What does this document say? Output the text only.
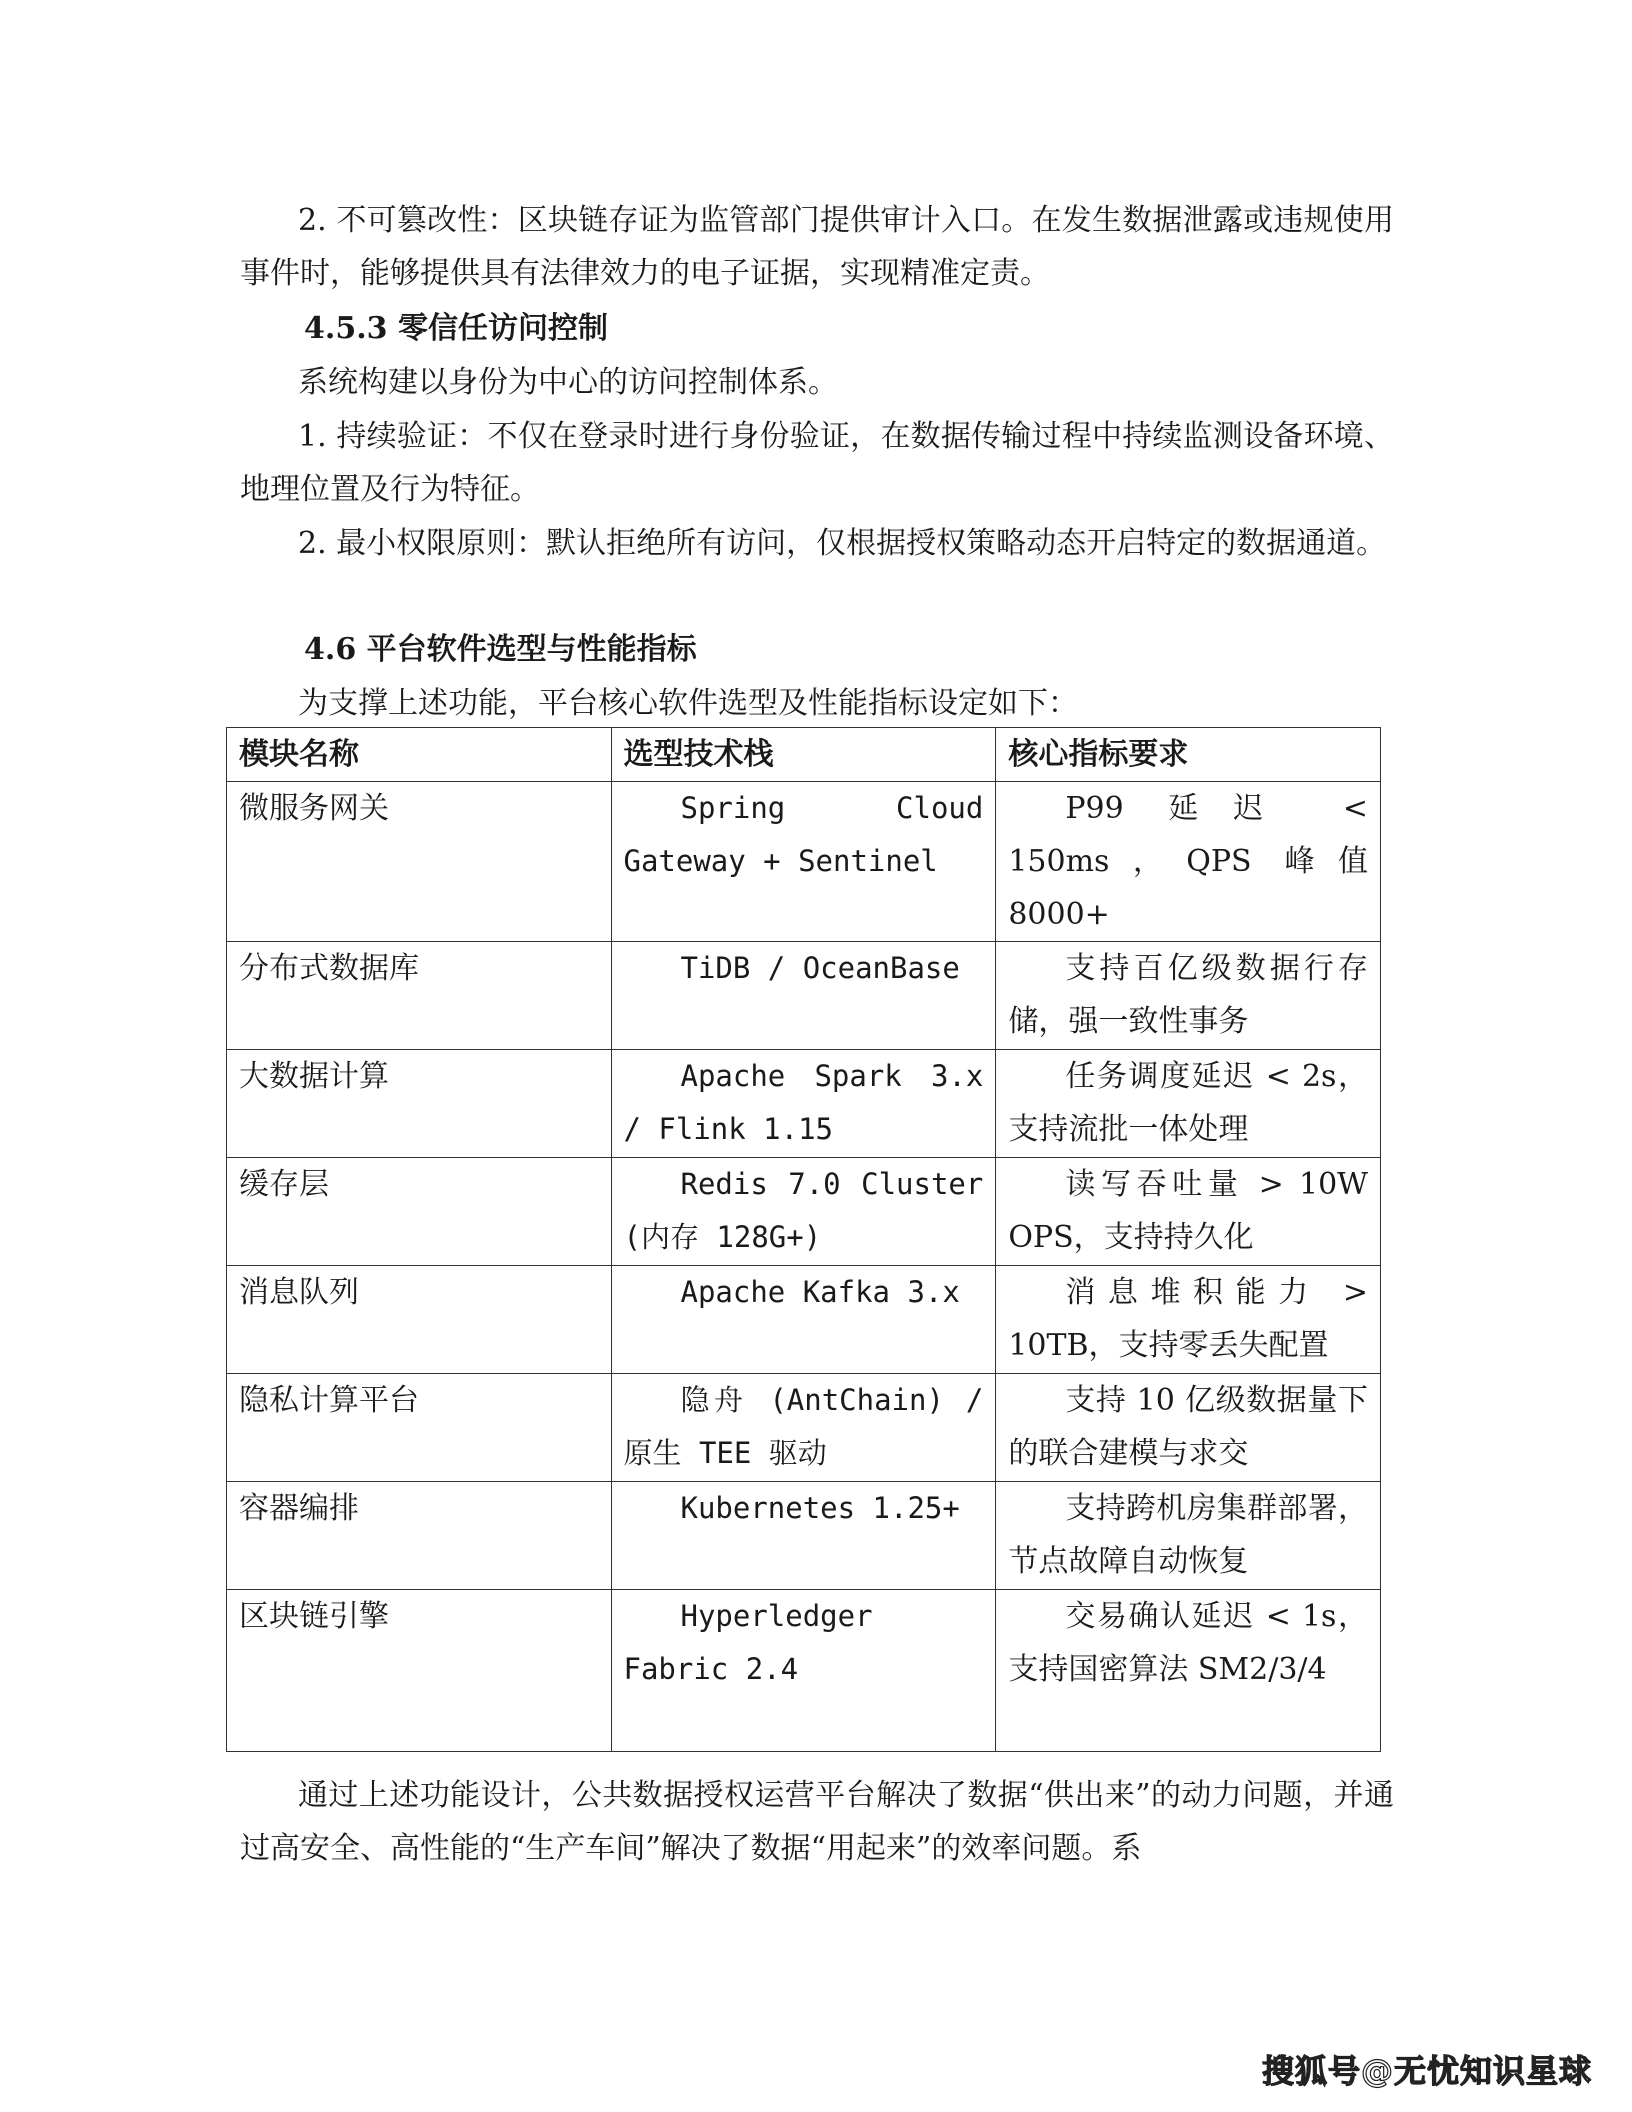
2. 不可篡改性：区块链存证为监管部门提供审计入口。在发生数据泄露或违规使用事件时，能够提供具有法律效力的电子证据，实现精准定责。

4.5.3 零信任访问控制

系统构建以身份为中心的访问控制体系。

1. 持续验证：不仅在登录时进行身份验证，在数据传输过程中持续监测设备环境、地理位置及行为特征。

2. 最小权限原则：默认拒绝所有访问，仅根据授权策略动态开启特定的数据通道。

4.6 平台软件选型与性能指标

为支撑上述功能，平台核心软件选型及性能指标设定如下：

模块名称	选型技术栈	核心指标要求
微服务网关	Spring Cloud Gateway + Sentinel	P99 延迟 < 150ms，QPS 峰值 8000+
分布式数据库	TiDB / OceanBase	支持百亿级数据行存储，强一致性事务
大数据计算	Apache Spark 3.x / Flink 1.15	任务调度延迟 < 2s，支持流批一体处理
缓存层	Redis 7.0 Cluster (内存 128G+)	读写吞吐量 > 10W OPS，支持持久化
消息队列	Apache Kafka 3.x	消息堆积能力 > 10TB，支持零丢失配置
隐私计算平台	隐舟 (AntChain) / 原生 TEE 驱动	支持 10 亿级数据量下的联合建模与求交
容器编排	Kubernetes 1.25+	支持跨机房集群部署，节点故障自动恢复
区块链引擎	Hyperledger Fabric 2.4	交易确认延迟 < 1s，支持国密算法 SM2/3/4

通过上述功能设计，公共数据授权运营平台解决了数据“供出来”的动力问题，并通过高安全、高性能的“生产车间”解决了数据“用起来”的效率问题。系

搜狐号@无忧知识星球
